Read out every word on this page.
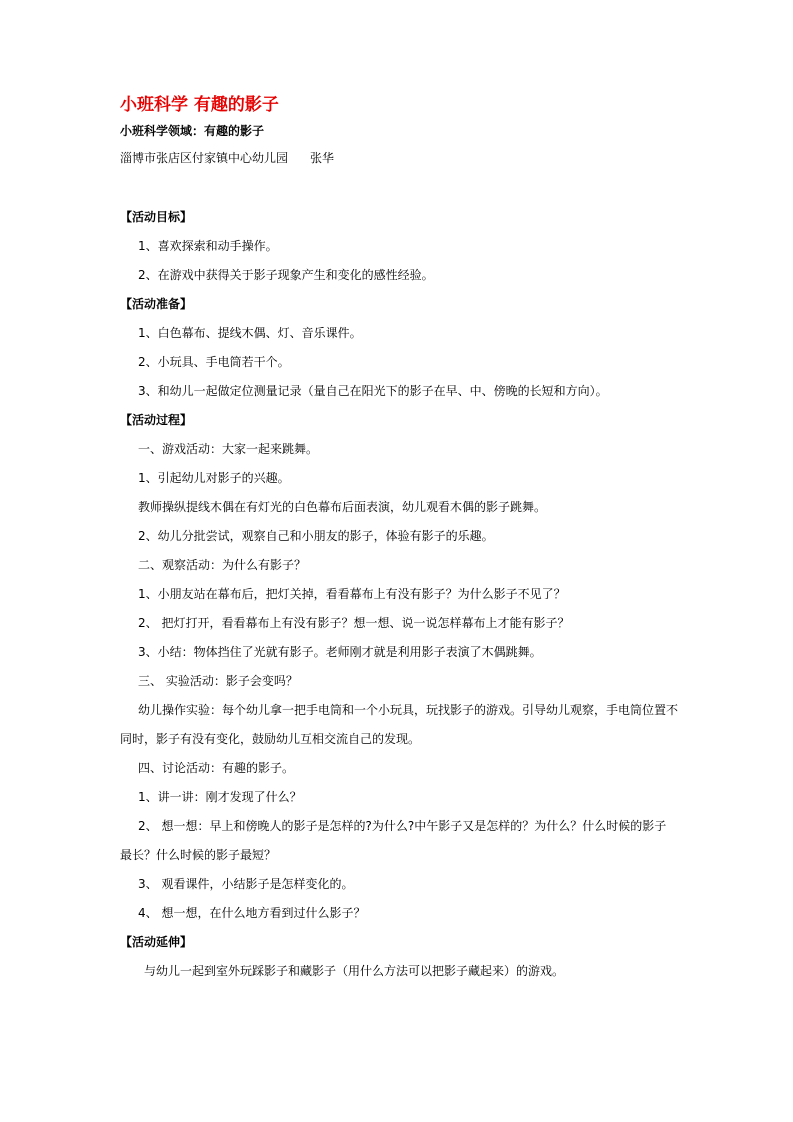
小班科学 有趣的影子

小班科学领域：有趣的影子

淄博市张店区付家镇中心幼儿园 张华

【活动目标】

1、喜欢探索和动手操作。

2、在游戏中获得关于影子现象产生和变化的感性经验。

【活动准备】

1、白色幕布、提线木偶、灯、音乐课件。

2、小玩具、手电筒若干个。

3、和幼儿一起做定位测量记录（量自己在阳光下的影子在早、中、傍晚的长短和方向）。

【活动过程】

一、游戏活动：大家一起来跳舞。

1、引起幼儿对影子的兴趣。

教师操纵提线木偶在有灯光的白色幕布后面表演，幼儿观看木偶的影子跳舞。

2、幼儿分批尝试，观察自己和小朋友的影子，体验有影子的乐趣。

二、观察活动：为什么有影子？

1、小朋友站在幕布后，把灯关掉，看看幕布上有没有影子？为什么影子不见了？

2、 把灯打开，看看幕布上有没有影子？想一想、说一说怎样幕布上才能有影子？

3、小结：物体挡住了光就有影子。老师刚才就是利用影子表演了木偶跳舞。

三、 实验活动：影子会变吗？

幼儿操作实验：每个幼儿拿一把手电筒和一个小玩具，玩找影子的游戏。引导幼儿观察，手电筒位置不

同时，影子有没有变化，鼓励幼儿互相交流自己的发现。

四、讨论活动：有趣的影子。

1、讲一讲：刚才发现了什么？

2、 想一想：早上和傍晚人的影子是怎样的?为什么?中午影子又是怎样的？为什么？什么时候的影子

最长？什么时候的影子最短？

3、 观看课件，小结影子是怎样变化的。

4、 想一想，在什么地方看到过什么影子？

【活动延伸】

与幼儿一起到室外玩踩影子和藏影子（用什么方法可以把影子藏起来）的游戏。
